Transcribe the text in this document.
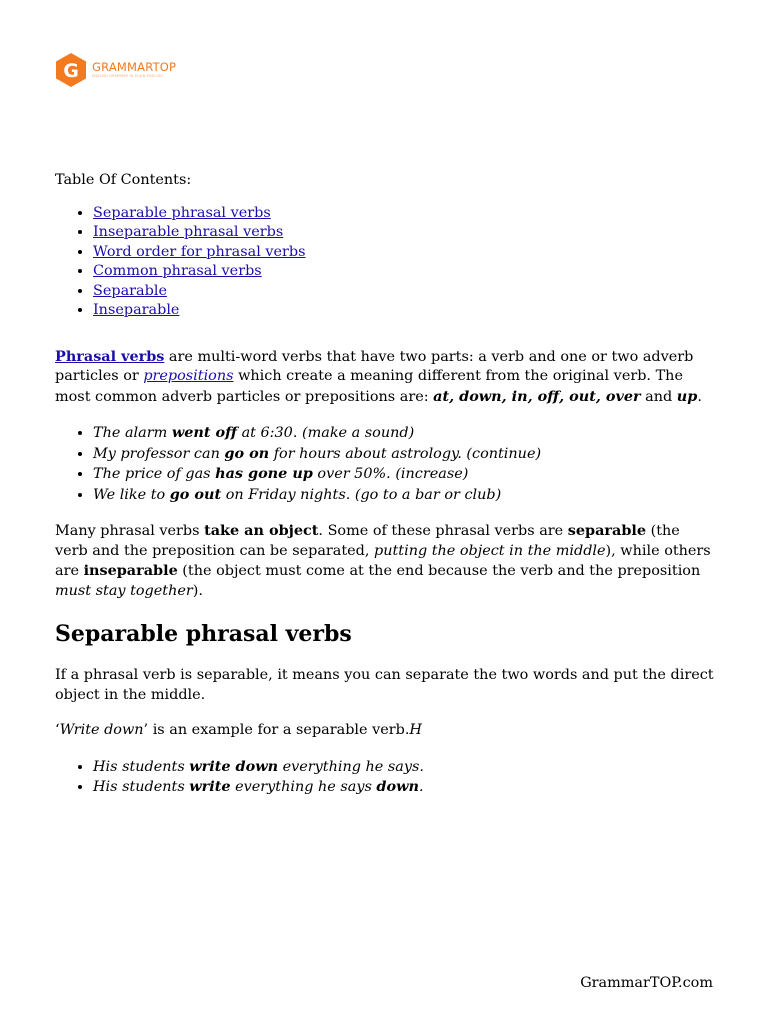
G GRAMMARTOP
ENGLISH GRAMMAR IN PLAIN ENGLISH

Table Of Contents:

• Separable phrasal verbs
• Inseparable phrasal verbs
• Word order for phrasal verbs
• Common phrasal verbs
• Separable
• Inseparable

Phrasal verbs are multi-word verbs that have two parts: a verb and one or two adverb particles or prepositions which create a meaning different from the original verb. The most common adverb particles or prepositions are: at, down, in, off, out, over and up.

• The alarm went off at 6:30. (make a sound)
• My professor can go on for hours about astrology. (continue)
• The price of gas has gone up over 50%. (increase)
• We like to go out on Friday nights. (go to a bar or club)

Many phrasal verbs take an object. Some of these phrasal verbs are separable (the verb and the preposition can be separated, putting the object in the middle), while others are inseparable (the object must come at the end because the verb and the preposition must stay together).

Separable phrasal verbs

If a phrasal verb is separable, it means you can separate the two words and put the direct object in the middle.

‘Write down’ is an example for a separable verb.H

• His students write down everything he says.
• His students write everything he says down.
GrammarTOP.com
